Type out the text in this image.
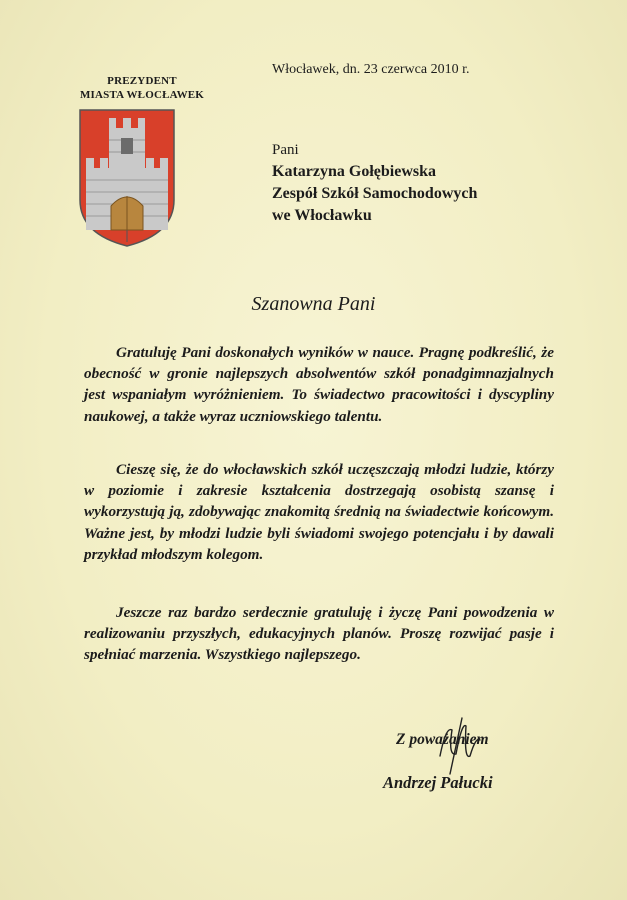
PREZYDENT
MIASTA WŁOCŁAWEK
Włocławek, dn. 23 czerwca 2010 r.
Pani
Katarzyna Gołębiewska
Zespół Szkół Samochodowych
we Włocławku
Szanowna Pani

Gratuluję Pani doskonałych wyników w nauce. Pragnę podkreślić, że obecność w gronie najlepszych absolwentów szkół ponadgimnazjalnych jest wspaniałym wyróżnieniem. To świadectwo pracowitości i dyscypliny naukowej, a także wyraz uczniowskiego talentu.

Cieszę się, że do włocławskich szkół uczęszczają młodzi ludzie, którzy w poziomie i zakresie kształcenia dostrzegają osobistą szansę i wykorzystują ją, zdobywając znakomitą średnią na świadectwie końcowym. Ważne jest, by młodzi ludzie byli świadomi swojego potencjału i by dawali przykład młodszym kolegom.

Jeszcze raz bardzo serdecznie gratuluję i życzę Pani powodzenia w realizowaniu przyszłych, edukacyjnych planów. Proszę rozwijać pasje i spełniać marzenia. Wszystkiego najlepszego.

Z poważaniem
Andrzej Pałucki
